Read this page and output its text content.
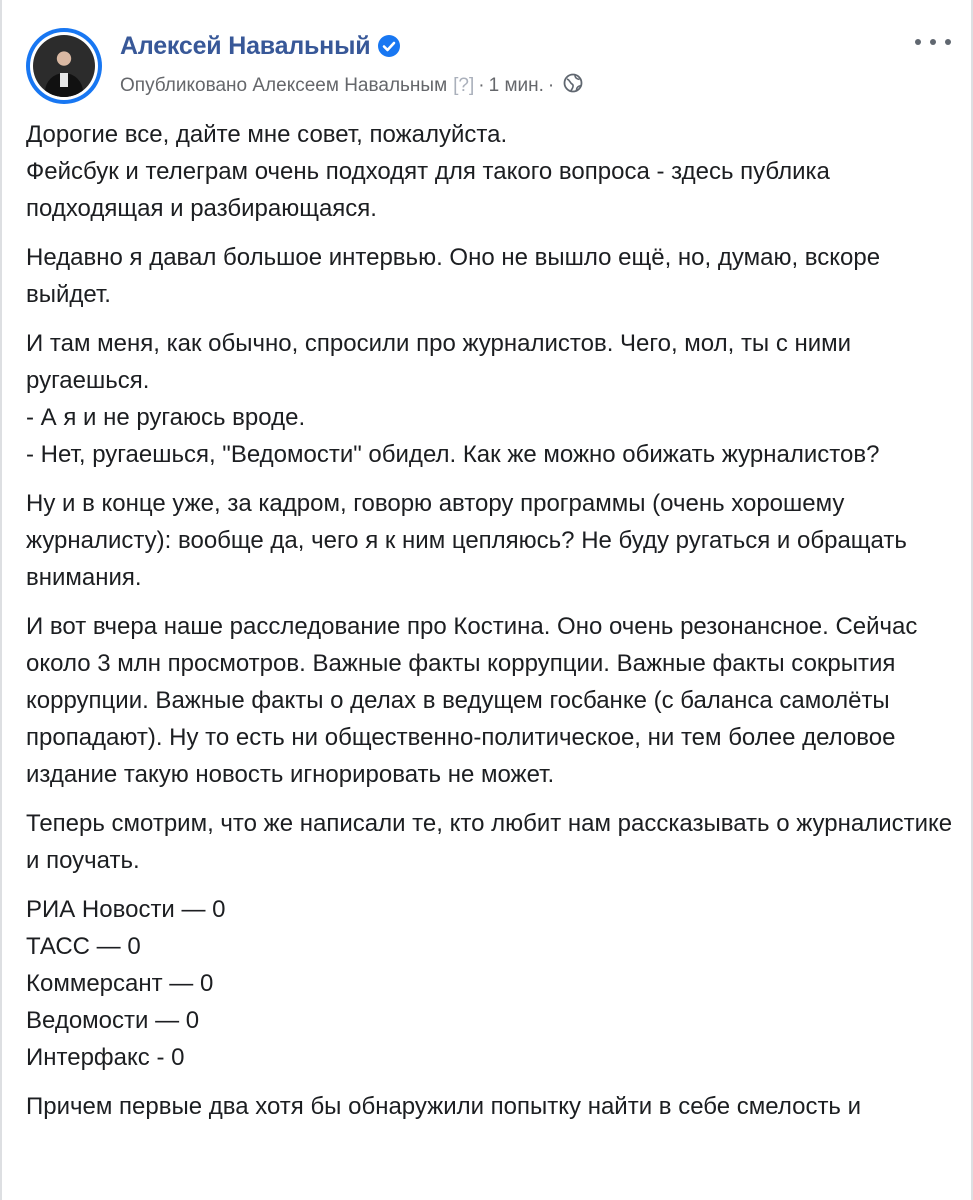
Алексей Навальный
Опубликовано Алексеем Навальным [?] · 1 мин. ·

Дорогие все, дайте мне совет, пожалуйста.
Фейсбук и телеграм очень подходят для такого вопроса - здесь публика подходящая и разбирающаяся.

Недавно я давал большое интервью. Оно не вышло ещё, но, думаю, вскоре выйдет.

И там меня, как обычно, спросили про журналистов. Чего, мол, ты с ними ругаешься.
- А я и не ругаюсь вроде.
- Нет, ругаешься, "Ведомости" обидел. Как же можно обижать журналистов?

Ну и в конце уже, за кадром, говорю автору программы (очень хорошему журналисту): вообще да, чего я к ним цепляюсь? Не буду ругаться и обращать внимания.

И вот вчера наше расследование про Костина. Оно очень резонансное. Сейчас около 3 млн просмотров. Важные факты коррупции. Важные факты сокрытия коррупции. Важные факты о делах в ведущем госбанке (с баланса самолёты пропадают). Ну то есть ни общественно-политическое, ни тем более деловое издание такую новость игнорировать не может.

Теперь смотрим, что же написали те, кто любит нам рассказывать о журналистике и поучать.

РИА Новости — 0
ТАСС — 0
Коммерсант — 0
Ведомости — 0
Интерфакс - 0

Причем первые два хотя бы обнаружили попытку найти в себе смелость и
